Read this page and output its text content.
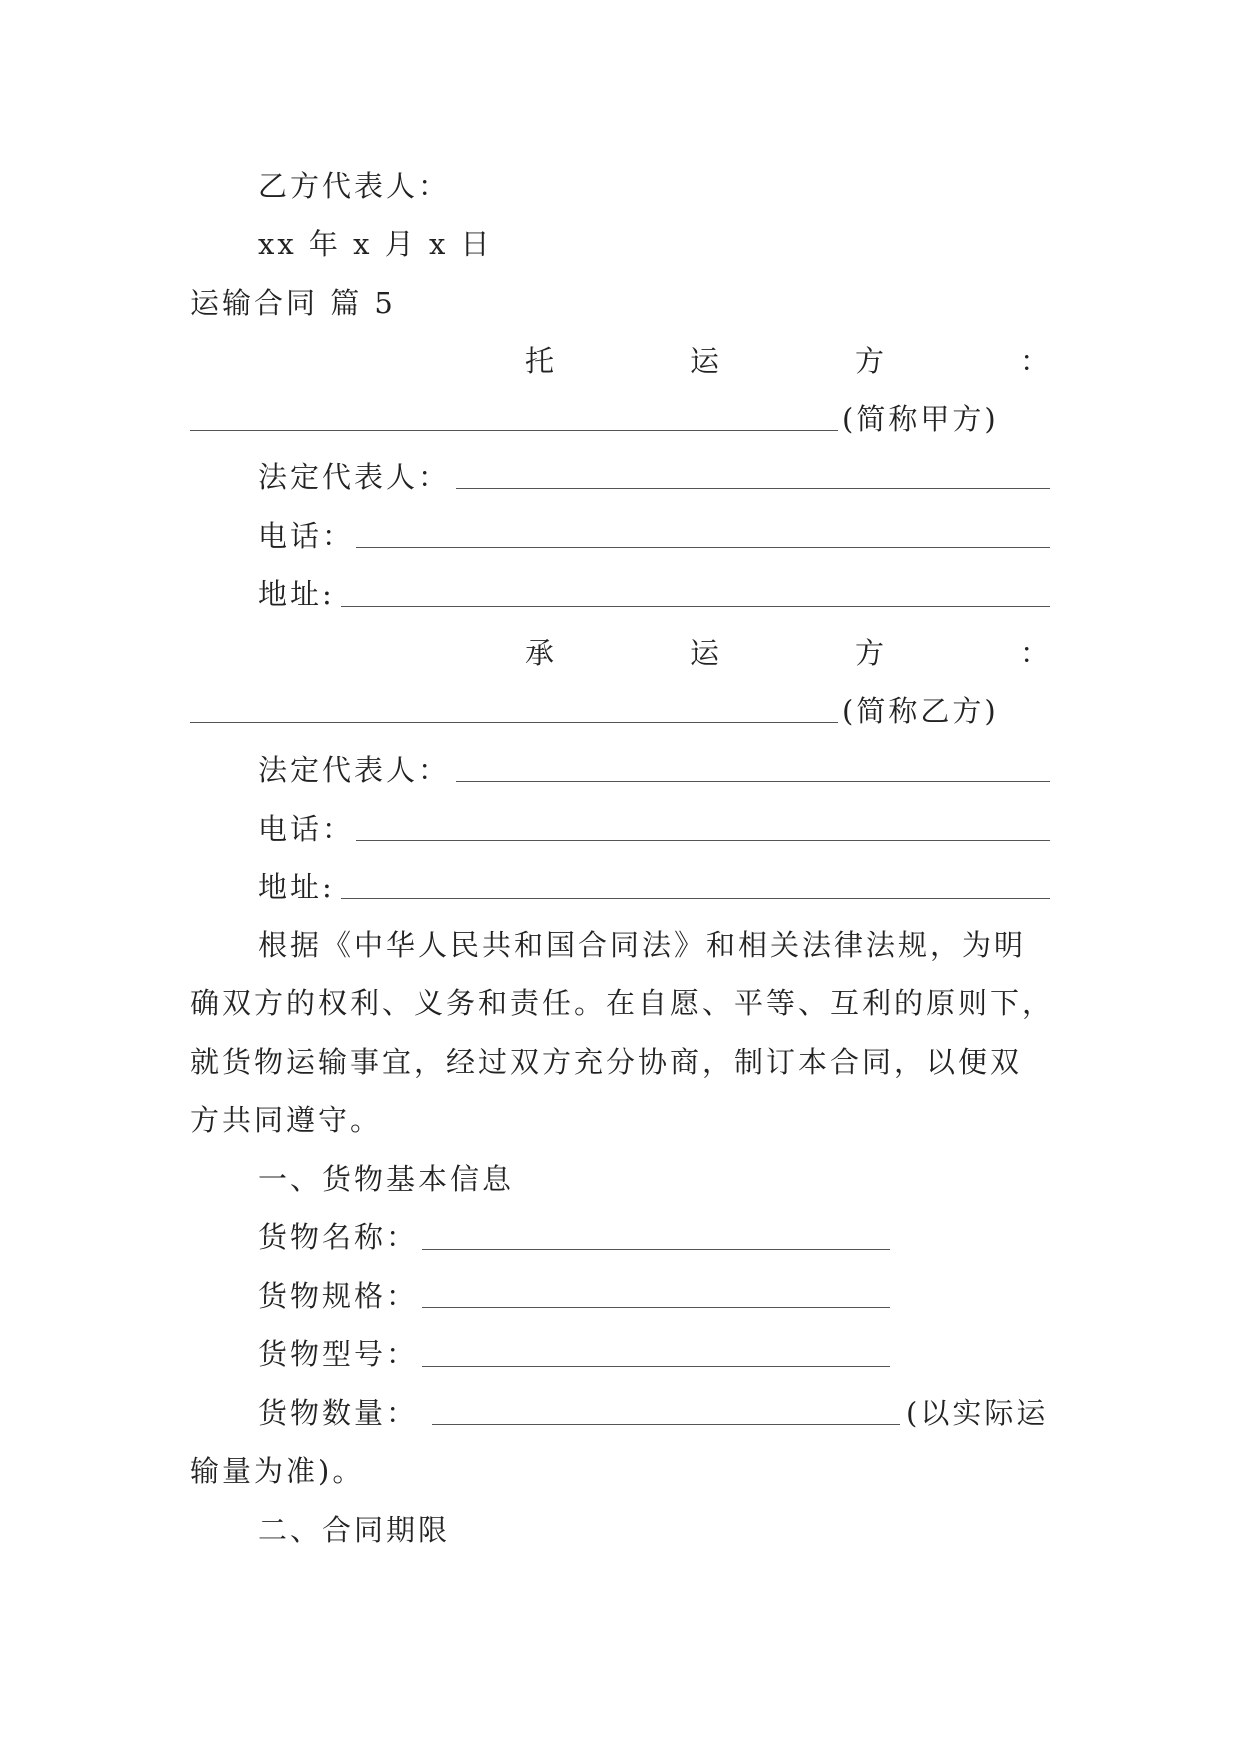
乙方代表人：
xx 年 x 月 x 日
运输合同 篇 5
托	运	方	：
(简称甲方)
法定代表人：
电话：
地址:
承	运	方	：
(简称乙方)
法定代表人：
电话：
地址:
根据《中华人民共和国合同法》和相关法律法规，为明
确双方的权利、义务和责任。在自愿、平等、互利的原则下，
就货物运输事宜，经过双方充分协商，制订本合同，以便双
方共同遵守。
一、货物基本信息
货物名称：
货物规格：
货物型号：
货物数量：	(以实际运
输量为准)。
二、合同期限
